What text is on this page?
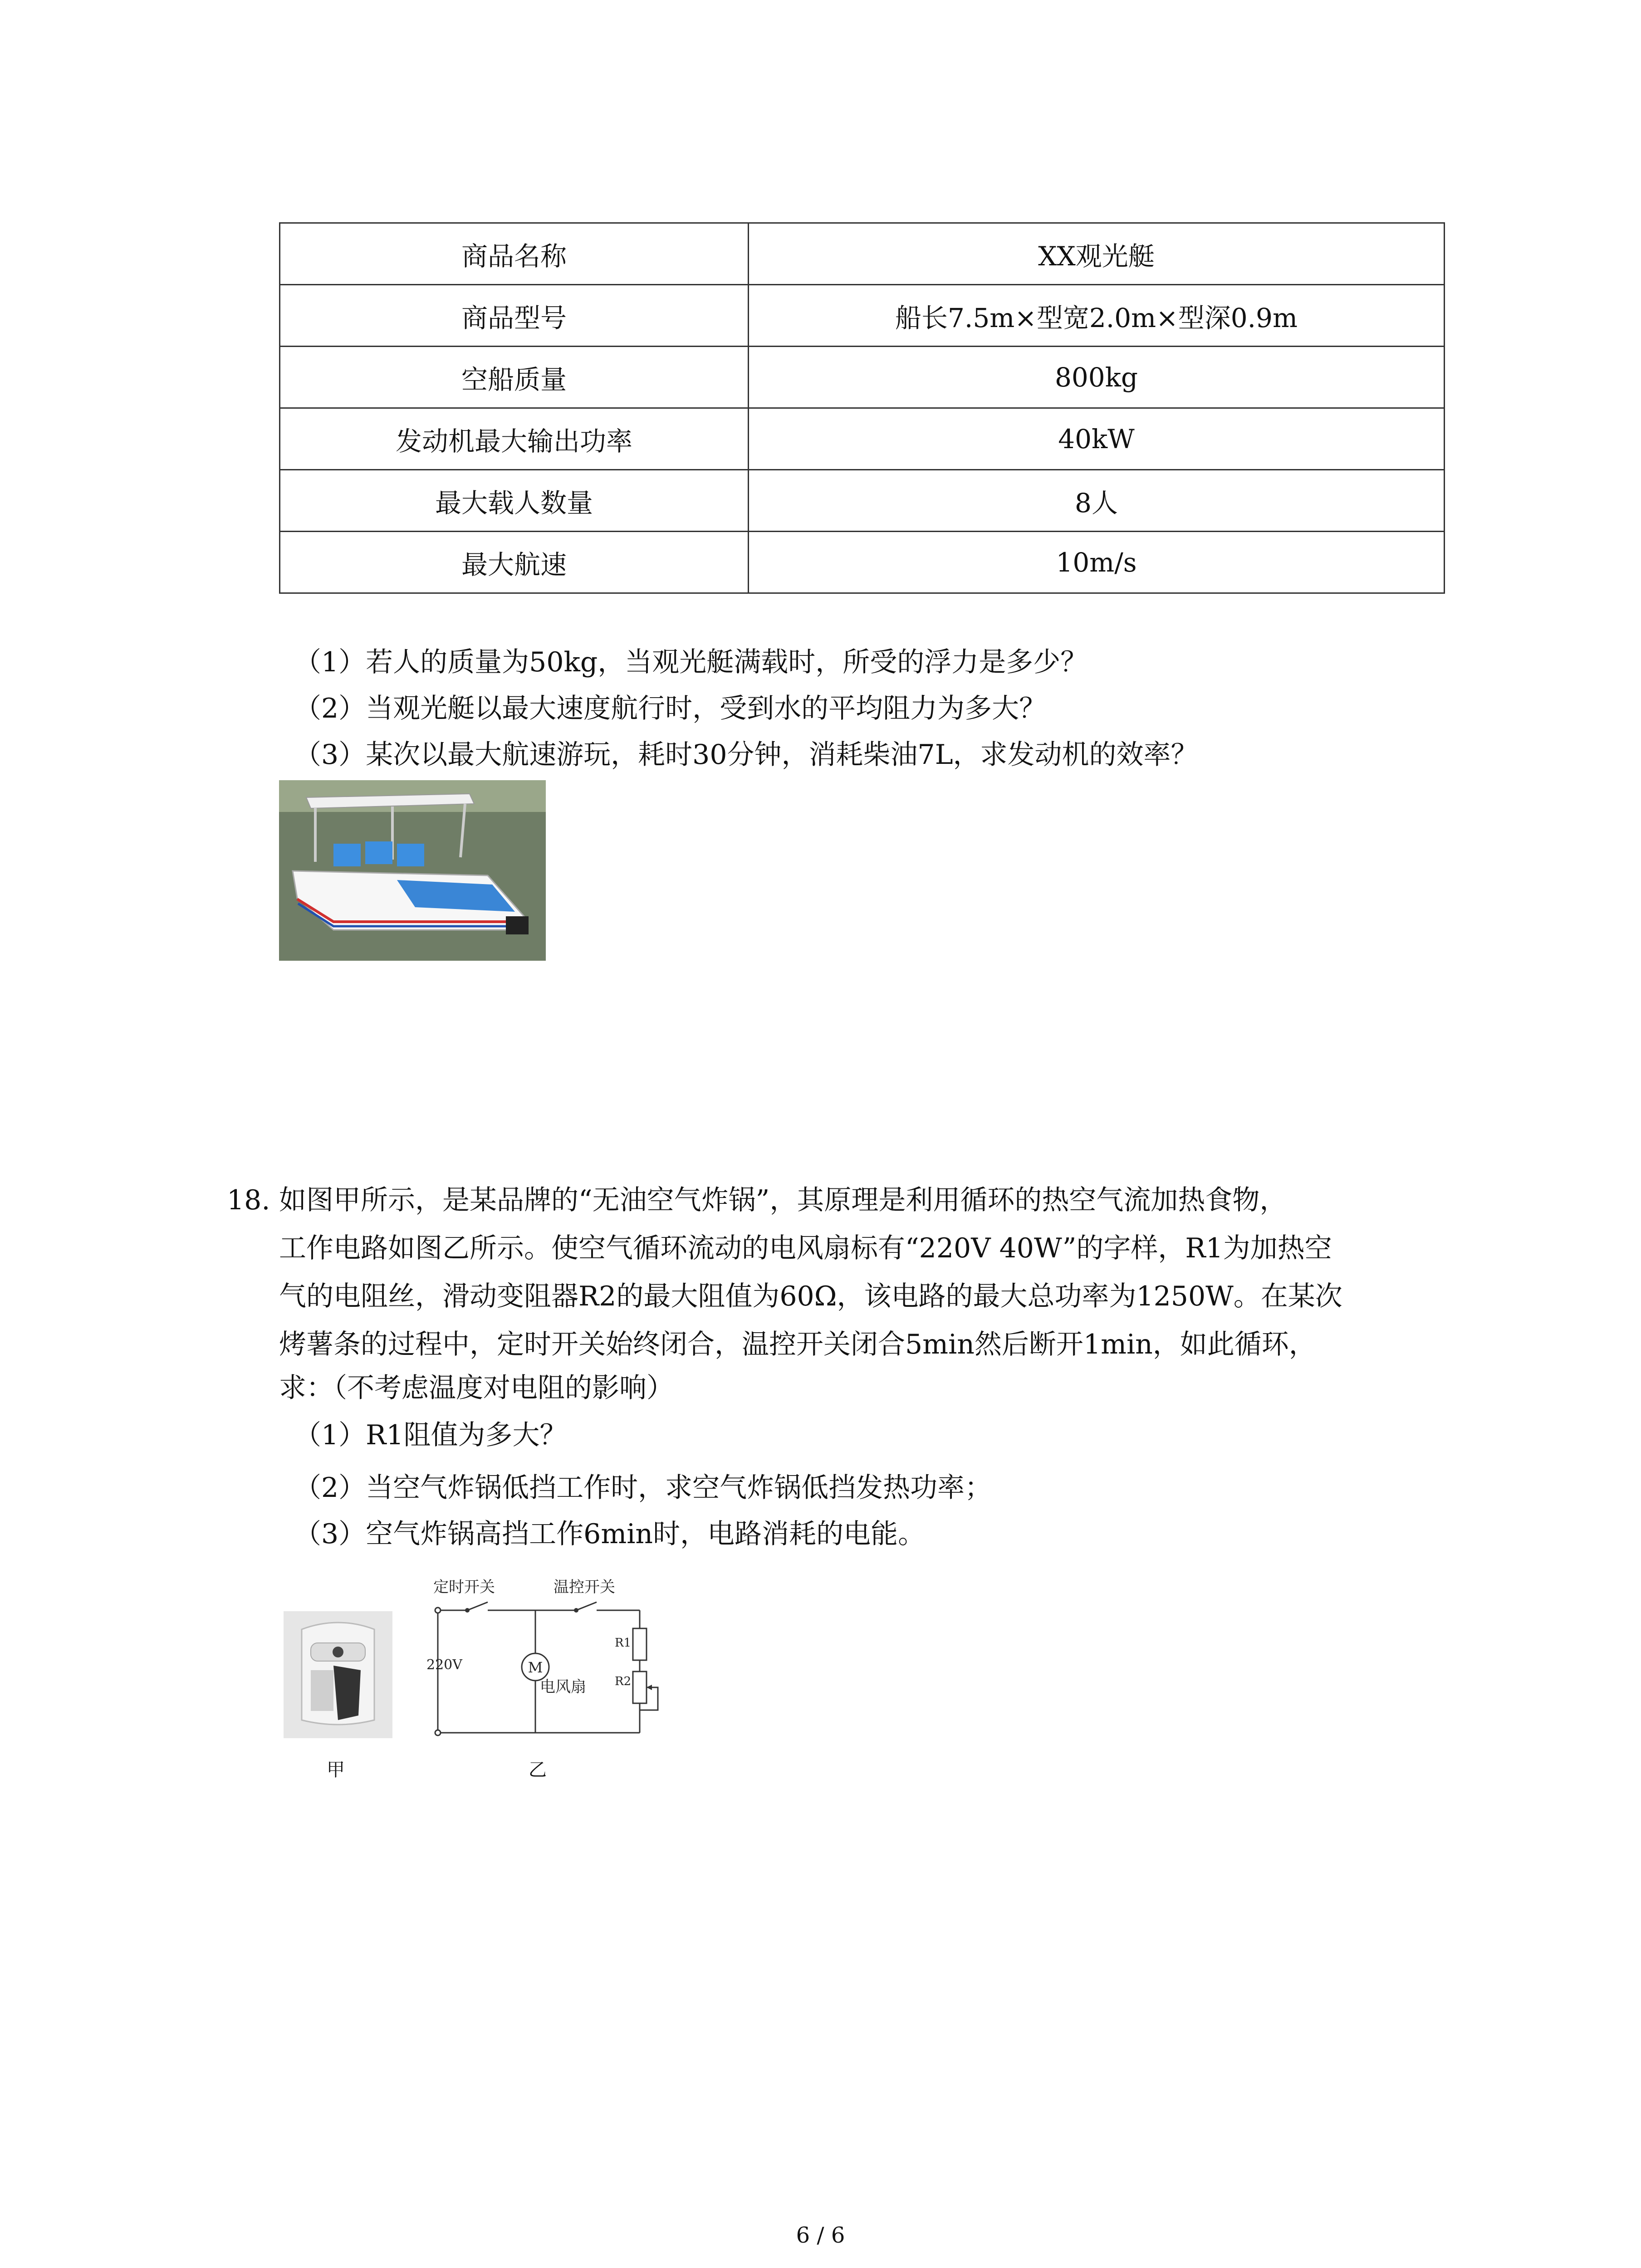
商品名称	XX观光艇
商品型号	船长7.5m×型宽2.0m×型深0.9m
空船质量	800kg
发动机最大输出功率	40kW
最大载人数量	8人
最大航速	10m/s
（1）若人的质量为50kg，当观光艇满载时，所受的浮力是多少？
（2）当观光艇以最大速度航行时，受到水的平均阻力为多大？
（3）某次以最大航速游玩，耗时30分钟，消耗柴油7L，求发动机的效率？
18. 如图甲所示，是某品牌的“无油空气炸锅”，其原理是利用循环的热空气流加热食物，
工作电路如图乙所示。使空气循环流动的电风扇标有“220V 40W”的字样，R1为加热空
气的电阻丝，滑动变阻器R2的最大阻值为60Ω，该电路的最大总功率为1250W。在某次
烤薯条的过程中，定时开关始终闭合，温控开关闭合5min然后断开1min，如此循环，
求：（不考虑温度对电阻的影响）
（1）R1阻值为多大？
（2）当空气炸锅低挡工作时，求空气炸锅低挡发热功率；
（3）空气炸锅高挡工作6min时，电路消耗的电能。
M
定时开关	温控开关
220V
电风扇
R1
R2
甲	乙
6 / 6
